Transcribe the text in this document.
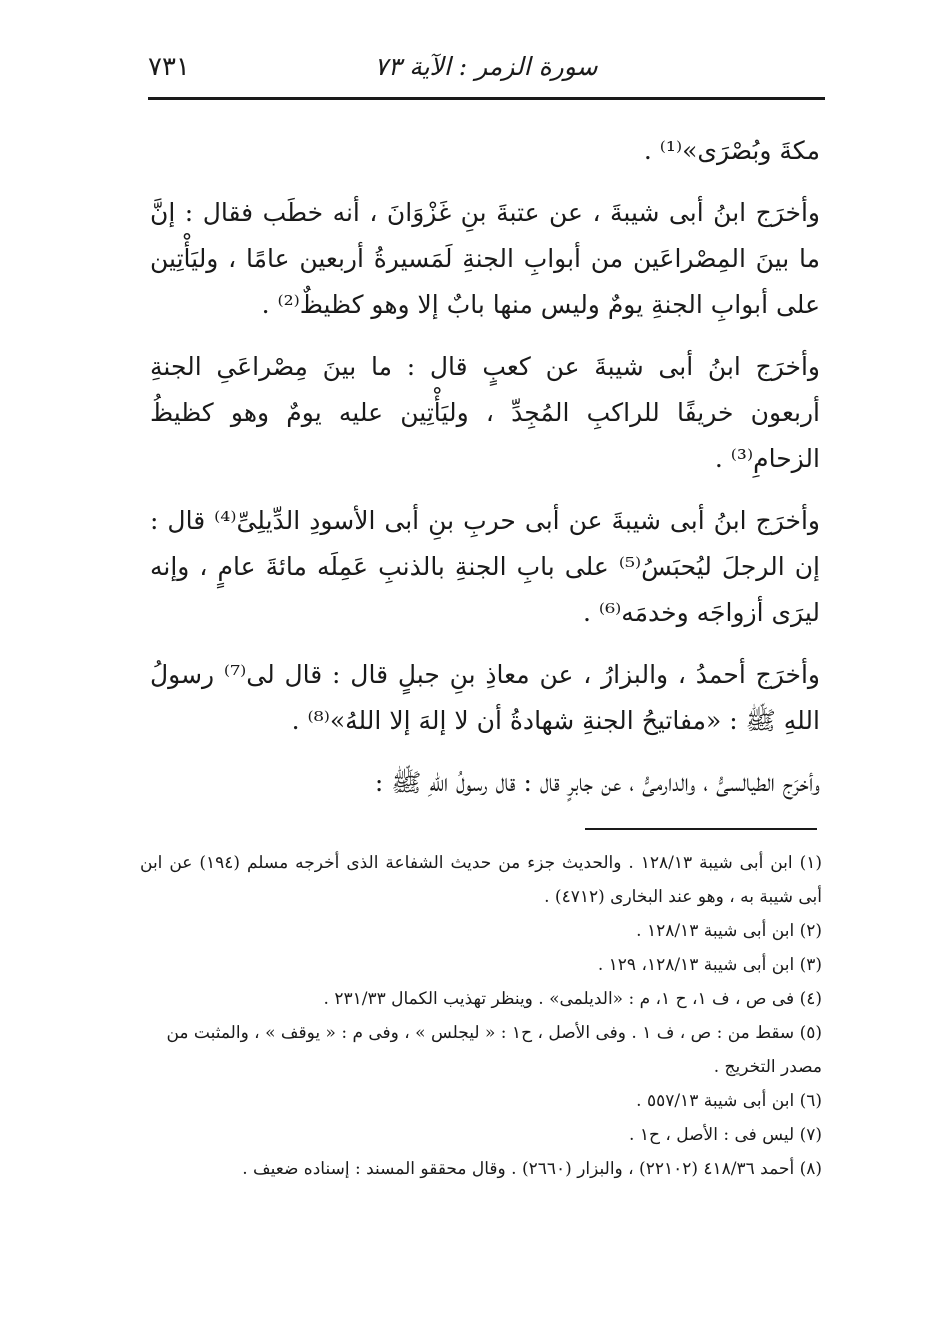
سورة الزمر : الآية ٧٣
٧٣١

مكةَ وبُصْرَى»⁽¹⁾ .

وأخرَج ابنُ أبى شيبةَ ، عن عتبةَ بنِ غَزْوَانَ ، أنه خطَب فقال : إنَّ ما بينَ المِصْراعَين من أبوابِ الجنةِ لَمَسيرةُ أربعين عامًا ، وليَأْتِين على أبوابِ الجنةِ يومٌ وليس منها بابٌ إلا وهو كظيظٌ⁽²⁾ .

وأخرَج ابنُ أبى شيبةَ عن كعبٍ قال : ما بينَ مِصْراعَىِ الجنةِ أربعون خريفًا للراكبِ المُجِدِّ ، وليَأْتِين عليه يومٌ وهو كظيظُ الزحامِ⁽³⁾ .

وأخرَج ابنُ أبى شيبةَ عن أبى حربِ بنِ أبى الأسودِ الدِّيلِىِّ⁽⁴⁾ قال : إن الرجلَ ليُحبَسُ⁽⁵⁾ على بابِ الجنةِ بالذنبِ عَمِلَه مائةَ عامٍ ، وإنه ليرَى أزواجَه وخدمَه⁽⁶⁾ .

وأخرَج أحمدُ ، والبزارُ ، عن معاذِ بنِ جبلٍ قال : قال لى⁽⁷⁾ رسولُ اللهِ ﷺ : «مفاتيحُ الجنةِ شهادةُ أن لا إلهَ إلا اللهُ»⁽⁸⁾ .

وأخرَج الطيالسىُّ ، والدارمىُّ ، عن جابرٍ قال : قال رسولُ اللهِ ﷺ :

(١) ابن أبى شيبة ١٢٨/١٣ . والحديث جزء من حديث الشفاعة الذى أخرجه مسلم (١٩٤) عن ابن أبى شيبة به ، وهو عند البخارى (٤٧١٢) .

(٢) ابن أبى شيبة ١٢٨/١٣ .

(٣) ابن أبى شيبة ١٢٨/١٣، ١٢٩ .

(٤) فى ص ، ف ١، ح ١، م : «الديلمى» . وينظر تهذيب الكمال ٢٣١/٣٣ .

(٥) سقط من : ص ، ف ١ . وفى الأصل ، ح١ : « ليجلس » ، وفى م : « يوقف » ، والمثبت من مصدر التخريج .

(٦) ابن أبى شيبة ٥٥٧/١٣ .

(٧) ليس فى : الأصل ، ح١ .

(٨) أحمد ٤١٨/٣٦ (٢٢١٠٢) ، والبزار (٢٦٦٠) . وقال محققو المسند : إسناده ضعيف .
